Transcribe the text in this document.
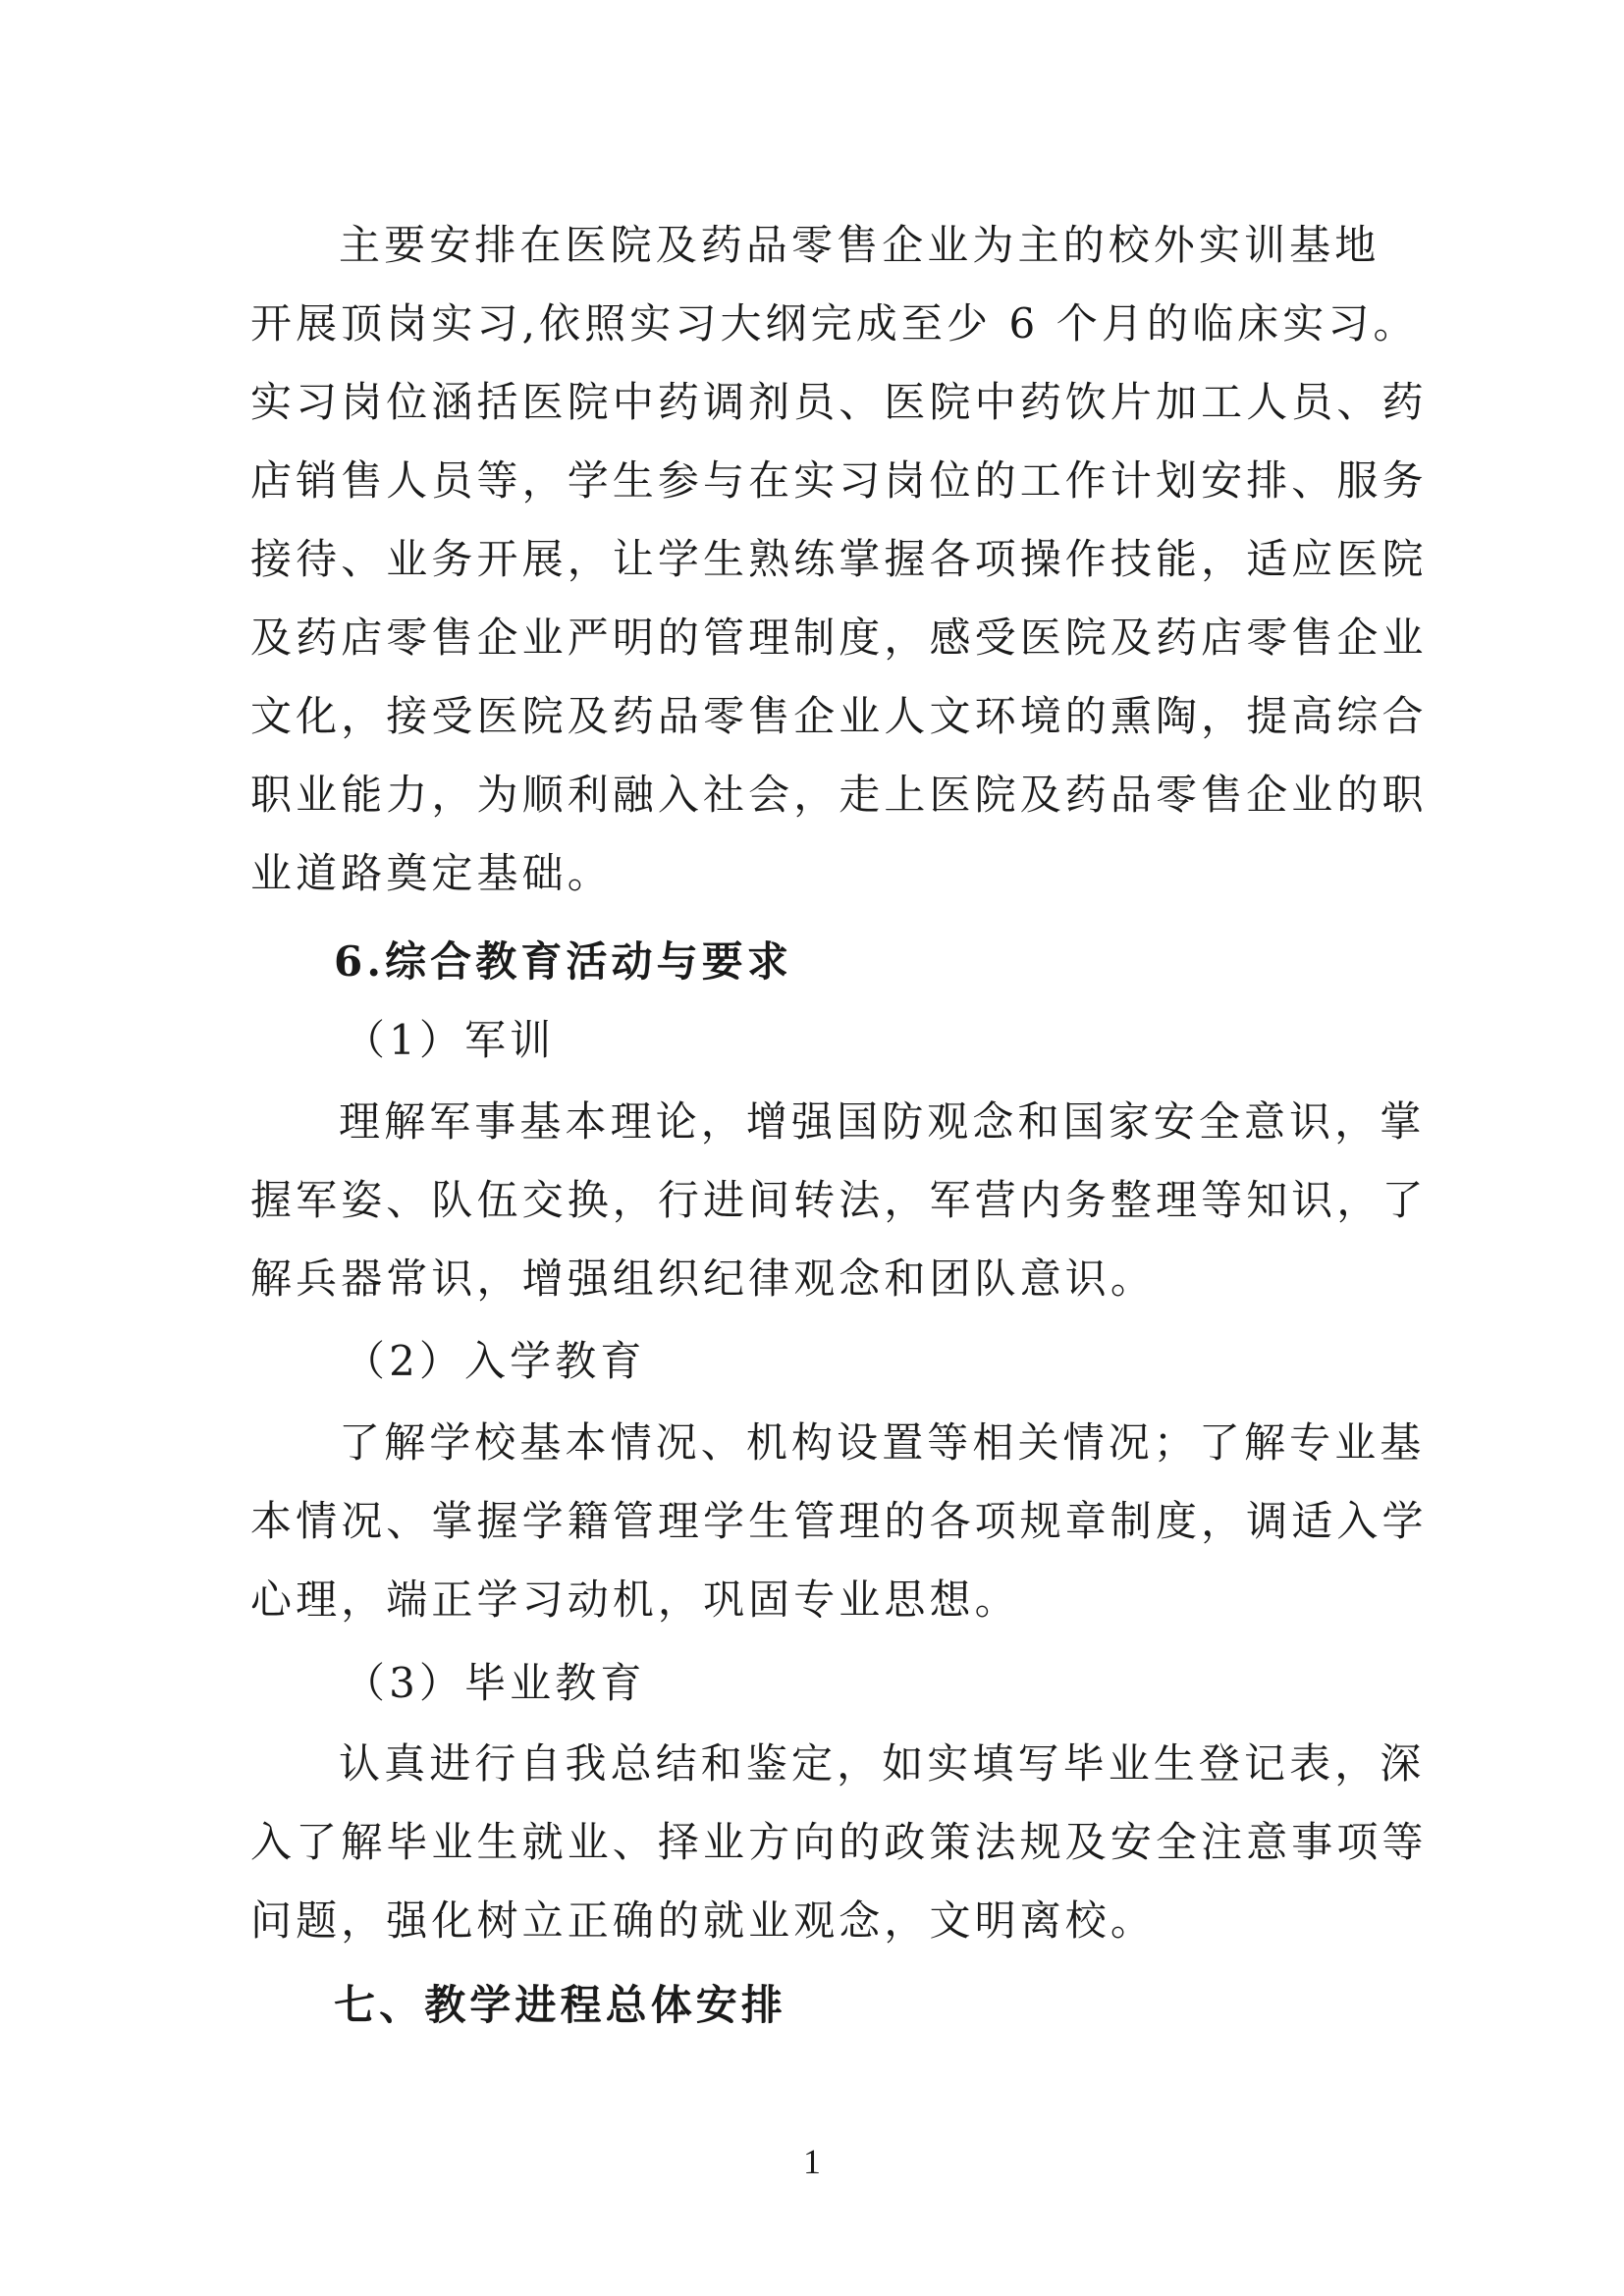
主要安排在医院及药品零售企业为主的校外实训基地
开展顶岗实习,依照实习大纲完成至少 6 个月的临床实习。
实习岗位涵括医院中药调剂员、医院中药饮片加工人员、药
店销售人员等，学生参与在实习岗位的工作计划安排、服务
接待、业务开展，让学生熟练掌握各项操作技能，适应医院
及药店零售企业严明的管理制度，感受医院及药店零售企业
文化，接受医院及药品零售企业人文环境的熏陶，提高综合
职业能力，为顺利融入社会，走上医院及药品零售企业的职
业道路奠定基础。
6.综合教育活动与要求
（1）军训
理解军事基本理论，增强国防观念和国家安全意识，掌
握军姿、队伍交换，行进间转法，军营内务整理等知识，了
解兵器常识，增强组织纪律观念和团队意识。
（2）入学教育
了解学校基本情况、机构设置等相关情况；了解专业基
本情况、掌握学籍管理学生管理的各项规章制度，调适入学
心理，端正学习动机，巩固专业思想。
（3）毕业教育
认真进行自我总结和鉴定，如实填写毕业生登记表，深
入了解毕业生就业、择业方向的政策法规及安全注意事项等
问题，强化树立正确的就业观念，文明离校。
七、教学进程总体安排
1
